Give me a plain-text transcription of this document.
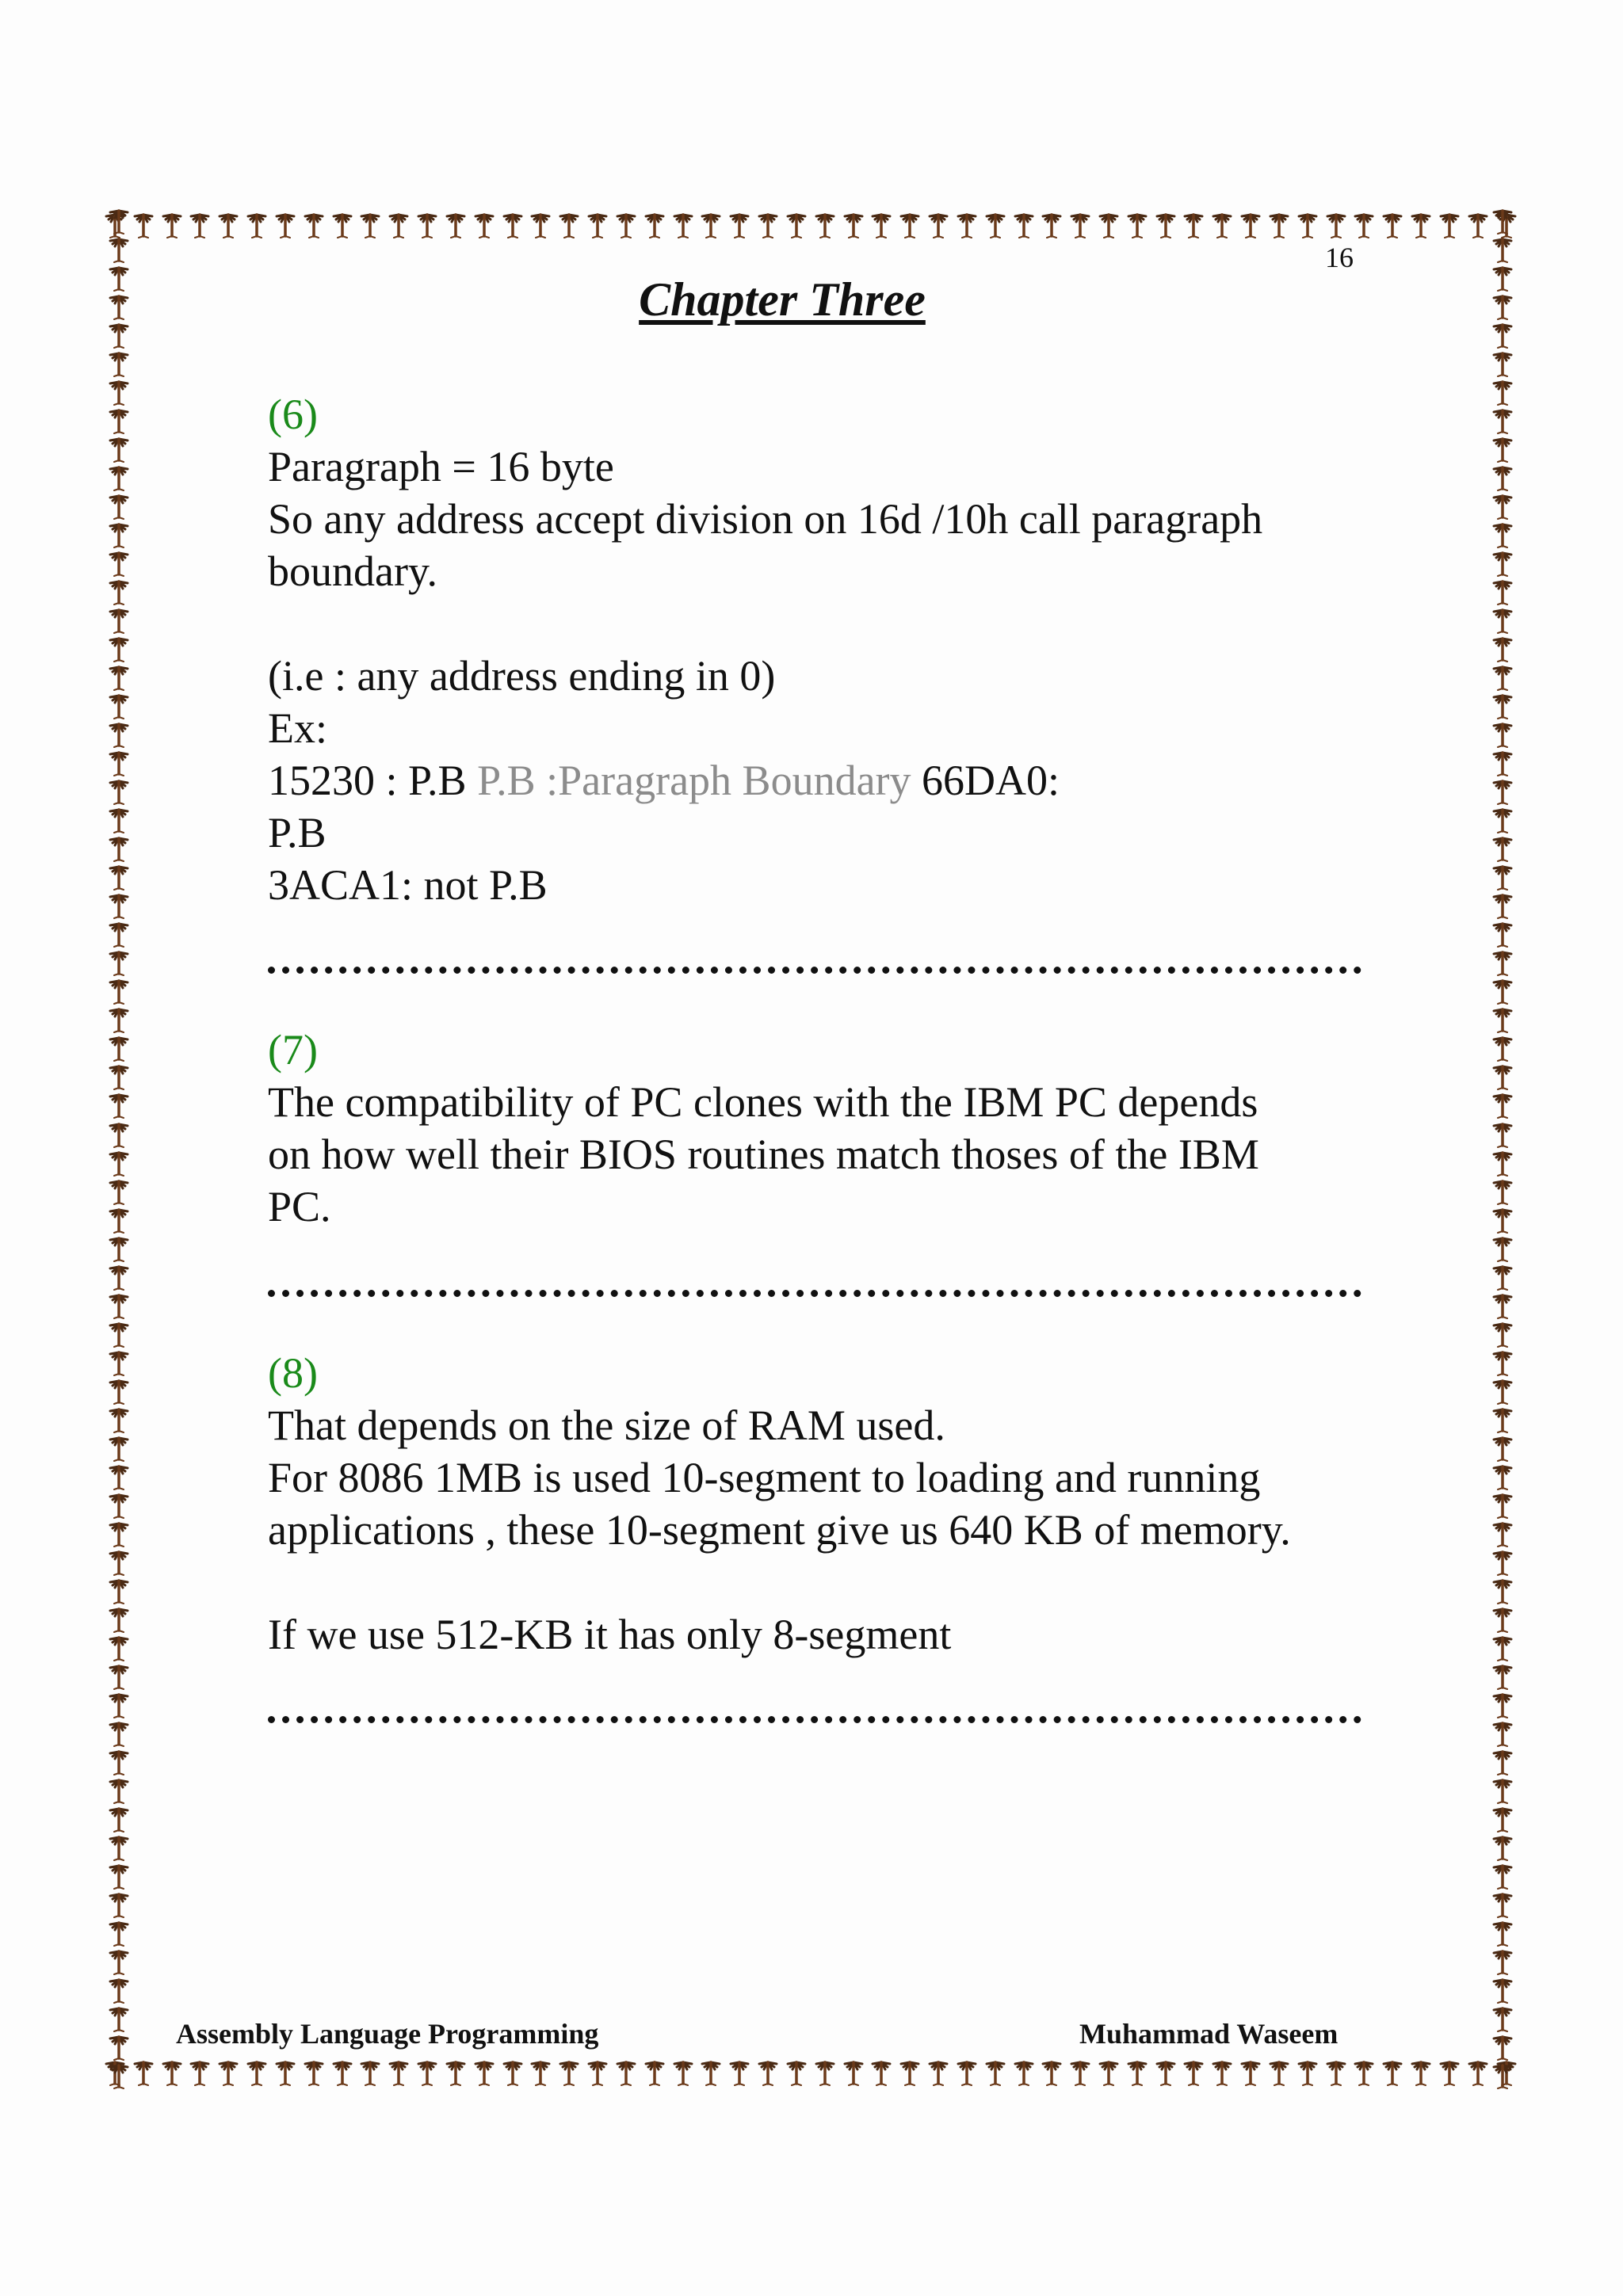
16
Chapter Three
(6)
Paragraph = 16 byte
So any address accept division on 16d /10h call paragraph
boundary.
(i.e : any address ending in 0)
Ex:
15230 : P.B P.B :Paragraph Boundary 66DA0:
P.B
3ACA1: not P.B
(7)
The compatibility of PC clones with the IBM PC depends
on how well their BIOS routines match thoses of the IBM
PC.
(8)
That depends on the size of RAM used.
For 8086 1MB is used 10-segment to loading and running
applications , these 10-segment give us 640 KB of memory.
If we use 512-KB it has only 8-segment
Assembly Language Programming	Muhammad Waseem
